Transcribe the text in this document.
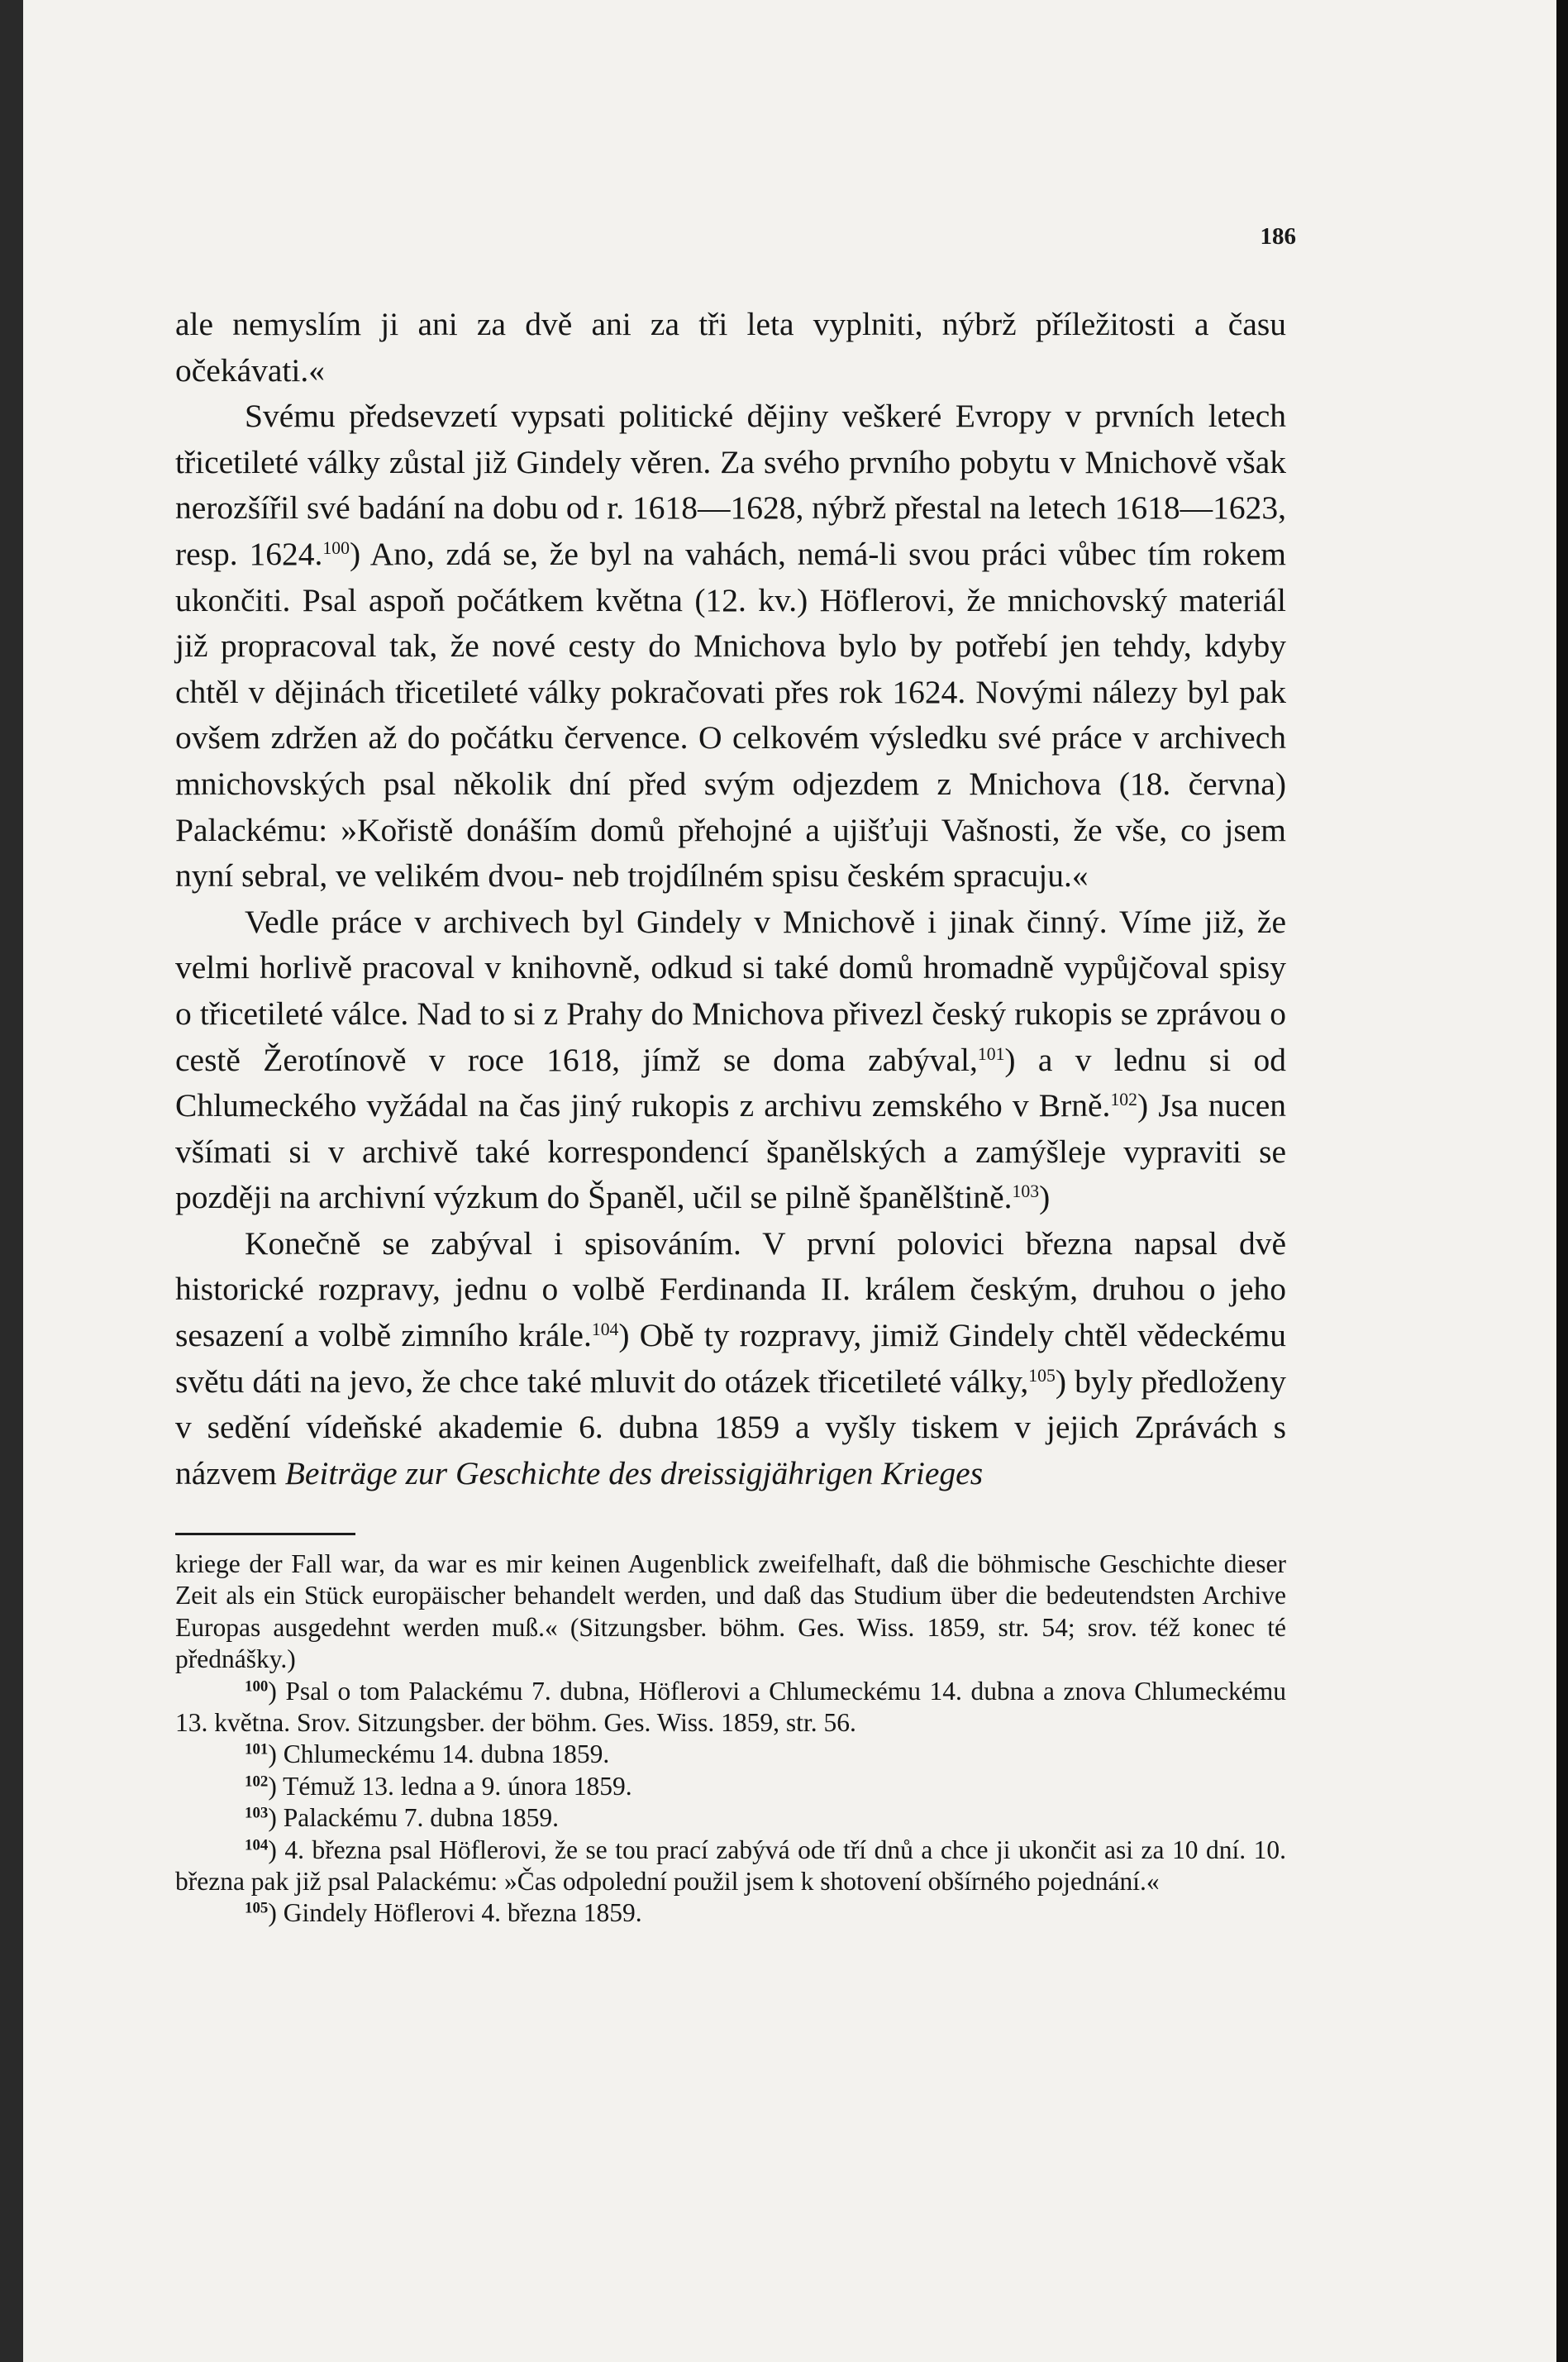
186

ale nemyslím ji ani za dvě ani za tři leta vyplniti, nýbrž příležitosti a času očekávati.«

Svému předsevzetí vypsati politické dějiny veškeré Evropy v prvních letech třicetileté války zůstal již Gindely věren. Za svého prvního pobytu v Mnichově však nerozšířil své badání na dobu od r. 1618—1628, nýbrž přestal na letech 1618—1623, resp. 1624.$^{100}$) Ano, zdá se, že byl na vahách, nemá-li svou práci vůbec tím rokem ukončiti. Psal aspoň počátkem května (12. kv.) Höflerovi, že mnichovský materiál již propracoval tak, že nové cesty do Mnichova bylo by potřebí jen tehdy, kdyby chtěl v dějinách třicetileté války pokračovati přes rok 1624. Novými nálezy byl pak ovšem zdržen až do počátku července. O celkovém výsledku své práce v archivech mnichovských psal několik dní před svým odjezdem z Mnichova (18. června) Palackému: »Kořistě donáším domů přehojné a ujišťuji Vašnosti, že vše, co jsem nyní sebral, ve velikém dvou- neb trojdílném spisu českém spracuju.«

Vedle práce v archivech byl Gindely v Mnichově i jinak činný. Víme již, že velmi horlivě pracoval v knihovně, odkud si také domů hromadně vypůjčoval spisy o třicetileté válce. Nad to si z Prahy do Mnichova přivezl český rukopis se zprávou o cestě Žerotínově v roce 1618, jímž se doma zabýval,$^{101}$) a v lednu si od Chlumeckého vyžádal na čas jiný rukopis z archivu zemského v Brně.$^{102}$) Jsa nucen všímati si v archivě také korrespondencí španělských a zamýšleje vypraviti se později na archivní výzkum do Španěl, učil se pilně španělštině.$^{103}$)

Konečně se zabýval i spisováním. V první polovici března napsal dvě historické rozpravy, jednu o volbě Ferdinanda II. králem českým, druhou o jeho sesazení a volbě zimního krále.$^{104}$) Obě ty rozpravy, jimiž Gindely chtěl vědeckému světu dáti na jevo, že chce také mluvit do otázek třicetileté války,$^{105}$) byly předloženy v sedění vídeňské akademie 6. dubna 1859 a vyšly tiskem v jejich Zprávách s názvem Beiträge zur Geschichte des dreissigjährigen Krieges

kriege der Fall war, da war es mir keinen Augenblick zweifelhaft, daß die böhmische Geschichte dieser Zeit als ein Stück europäischer behandelt werden, und daß das Studium über die bedeutendsten Archive Europas ausgedehnt werden muß.« (Sitzungsber. böhm. Ges. Wiss. 1859, str. 54; srov. též konec té přednášky.)

$^{100}$) Psal o tom Palackému 7. dubna, Höflerovi a Chlumeckému 14. dubna a znova Chlumeckému 13. května. Srov. Sitzungsber. der böhm. Ges. Wiss. 1859, str. 56.

$^{101}$) Chlumeckému 14. dubna 1859.

$^{102}$) Témuž 13. ledna a 9. února 1859.

$^{103}$) Palackému 7. dubna 1859.

$^{104}$) 4. března psal Höflerovi, že se tou prací zabývá ode tří dnů a chce ji ukončit asi za 10 dní. 10. března pak již psal Palackému: »Čas odpolední použil jsem k shotovení obšírného pojednání.«

$^{105}$) Gindely Höflerovi 4. března 1859.
